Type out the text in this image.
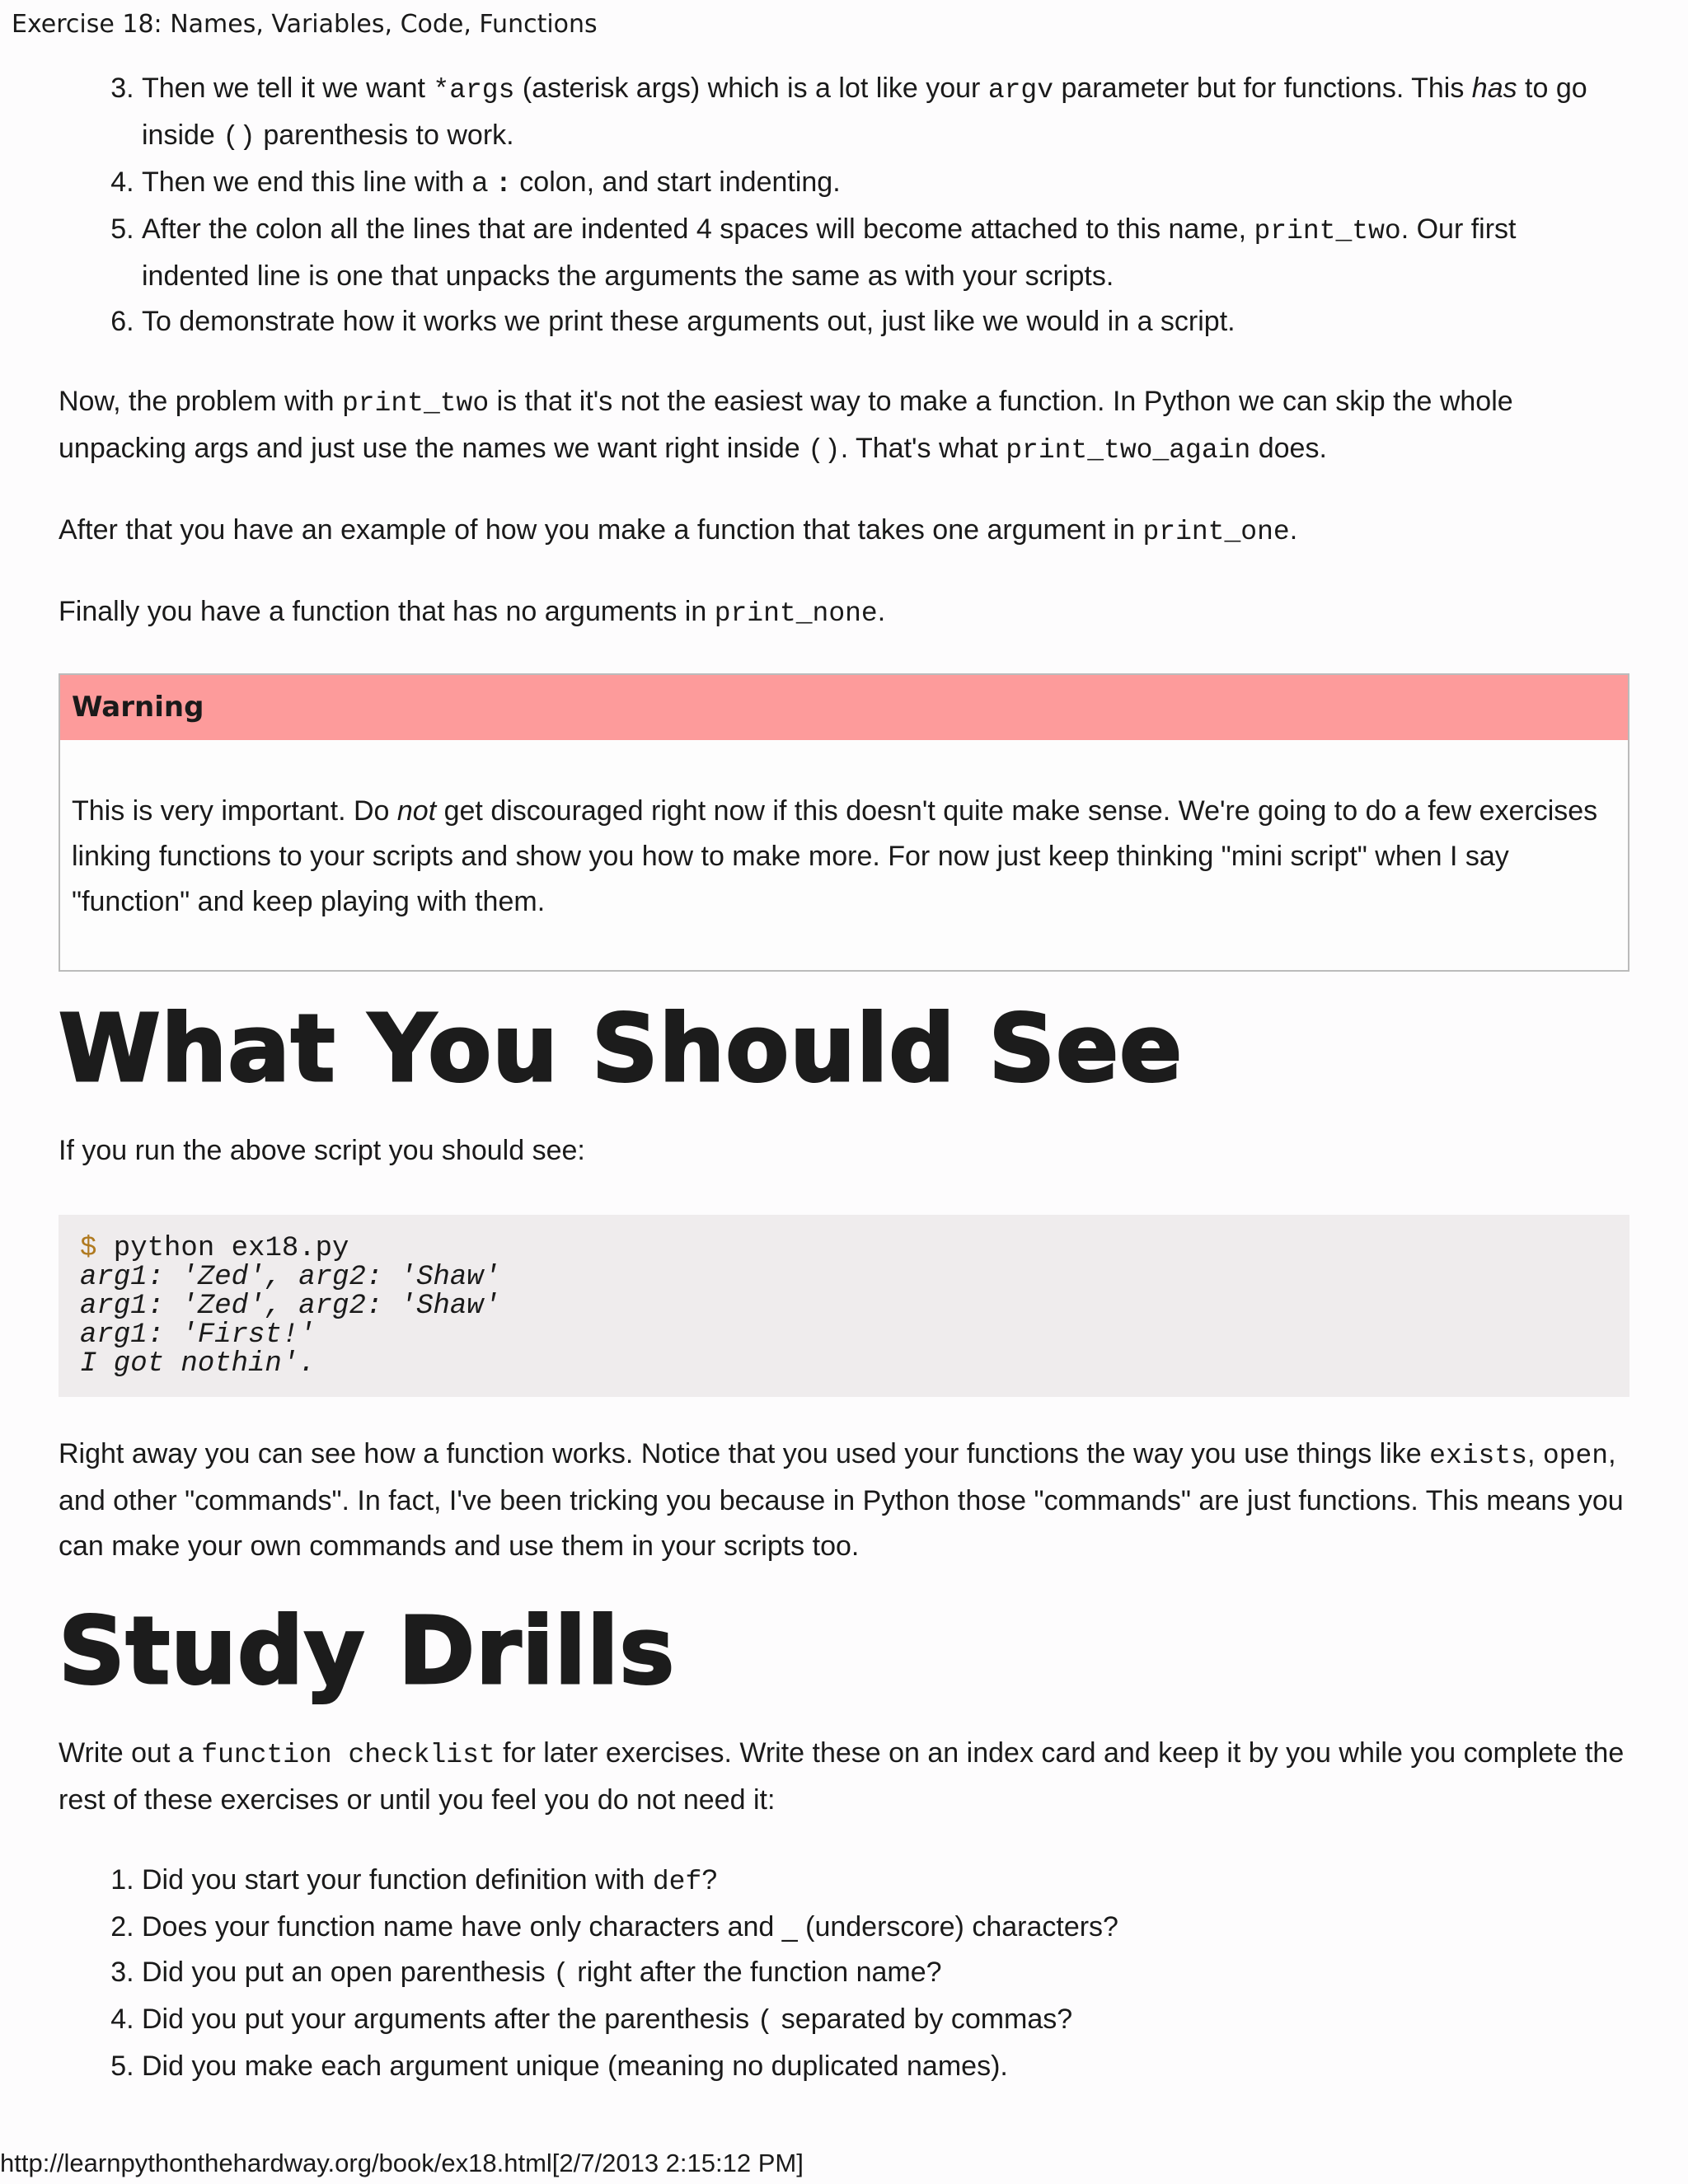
Exercise 18: Names, Variables, Code, Functions
3. Then we tell it we want *args (asterisk args) which is a lot like your argv parameter but for functions. This has to go inside () parenthesis to work.
4. Then we end this line with a : colon, and start indenting.
5. After the colon all the lines that are indented 4 spaces will become attached to this name, print_two. Our first indented line is one that unpacks the arguments the same as with your scripts.
6. To demonstrate how it works we print these arguments out, just like we would in a script.

Now, the problem with print_two is that it's not the easiest way to make a function. In Python we can skip the whole unpacking args and just use the names we want right inside (). That's what print_two_again does.

After that you have an example of how you make a function that takes one argument in print_one.

Finally you have a function that has no arguments in print_none.

Warning
This is very important. Do not get discouraged right now if this doesn't quite make sense. We're going to do a few exercises linking functions to your scripts and show you how to make more. For now just keep thinking "mini script" when I say "function" and keep playing with them.
What You Should See

If you run the above script you should see:

$ python ex18.py

arg1: 'Zed', arg2: 'Shaw'
arg1: 'Zed', arg2: 'Shaw'
arg1: 'First!'
I got nothin'.

Right away you can see how a function works. Notice that you used your functions the way you use things like exists, open, and other "commands". In fact, I've been tricking you because in Python those "commands" are just functions. This means you can make your own commands and use them in your scripts too.

Study Drills

Write out a function checklist for later exercises. Write these on an index card and keep it by you while you complete the rest of these exercises or until you feel you do not need it:

1. Did you start your function definition with def?
2. Does your function name have only characters and _ (underscore) characters?
3. Did you put an open parenthesis ( right after the function name?
4. Did you put your arguments after the parenthesis ( separated by commas?
5. Did you make each argument unique (meaning no duplicated names).
http://learnpythonthehardway.org/book/ex18.html[2/7/2013 2:15:12 PM]
